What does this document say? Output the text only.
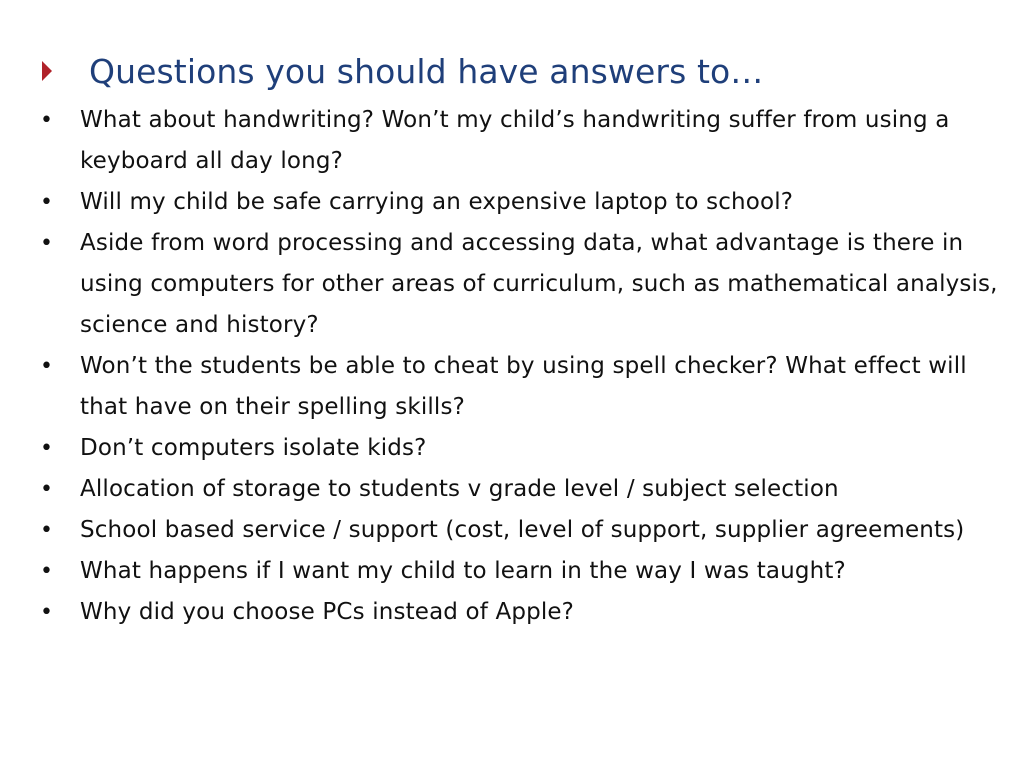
Questions you should have answers to…
• What about handwriting? Won’t my child’s handwriting suffer from using a keyboard all day long?
• Will my child be safe carrying an expensive laptop to school?
• Aside from word processing and accessing data, what advantage is there in using computers for other areas of curriculum, such as mathematical analysis, science and history?
• Won’t the students be able to cheat by using spell checker? What effect will that have on their spelling skills?
• Don’t computers isolate kids?
• Allocation of storage to students v grade level / subject selection
• School based service / support (cost, level of support, supplier agreements)
• What happens if I want my child to learn in the way I was taught?
• Why did you choose PCs instead of Apple?
